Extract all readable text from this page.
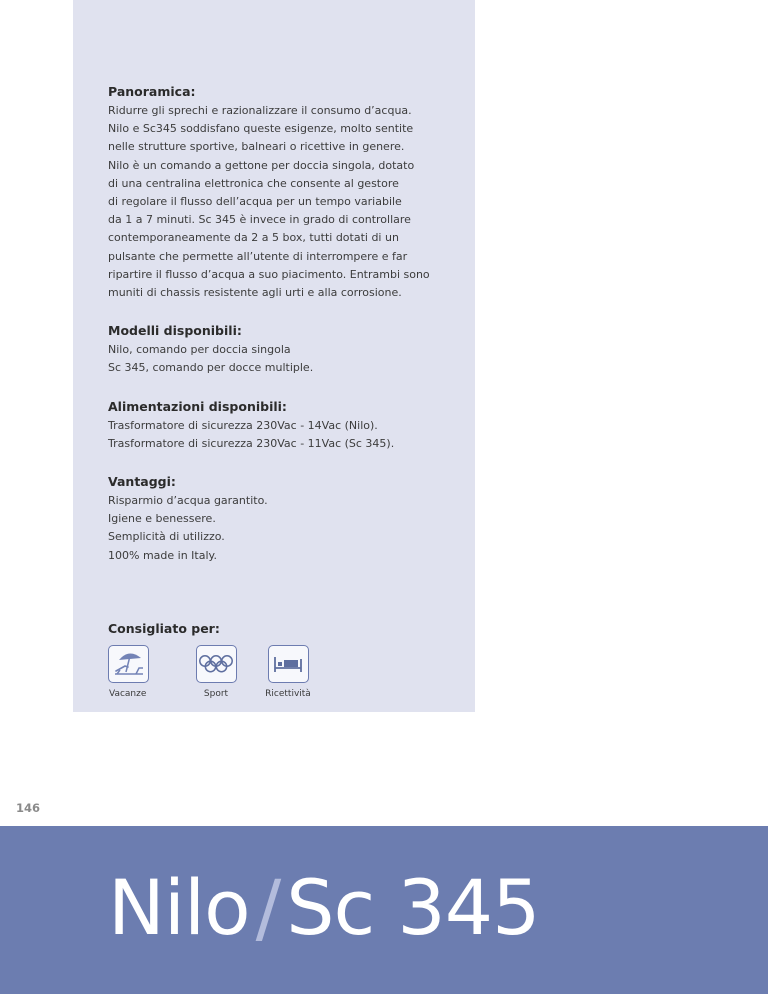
Panoramica:
Ridurre gli sprechi e razionalizzare il consumo d’acqua.
Nilo e Sc345 soddisfano queste esigenze, molto sentite
nelle strutture sportive, balneari o ricettive in genere.
Nilo è un comando a gettone per doccia singola, dotato
di una centralina elettronica che consente al gestore
di regolare il flusso dell’acqua per un tempo variabile
da 1 a 7 minuti. Sc 345 è invece in grado di controllare
contemporaneamente da 2 a 5 box, tutti dotati di un
pulsante che permette all’utente di interrompere e far
ripartire il flusso d’acqua a suo piacimento. Entrambi sono
muniti di chassis resistente agli urti e alla corrosione.
Modelli disponibili:
Nilo, comando per doccia singola
Sc 345, comando per docce multiple.
Alimentazioni disponibili:
Trasformatore di sicurezza 230Vac - 14Vac (Nilo).
Trasformatore di sicurezza 230Vac - 11Vac (Sc 345).
Vantaggi:
Risparmio d’acqua garantito.
Igiene e benessere.
Semplicità di utilizzo.
100% made in Italy.
Consigliato per:
Vacanze	Sport	Ricettività
146
Nilo/Sc 345
